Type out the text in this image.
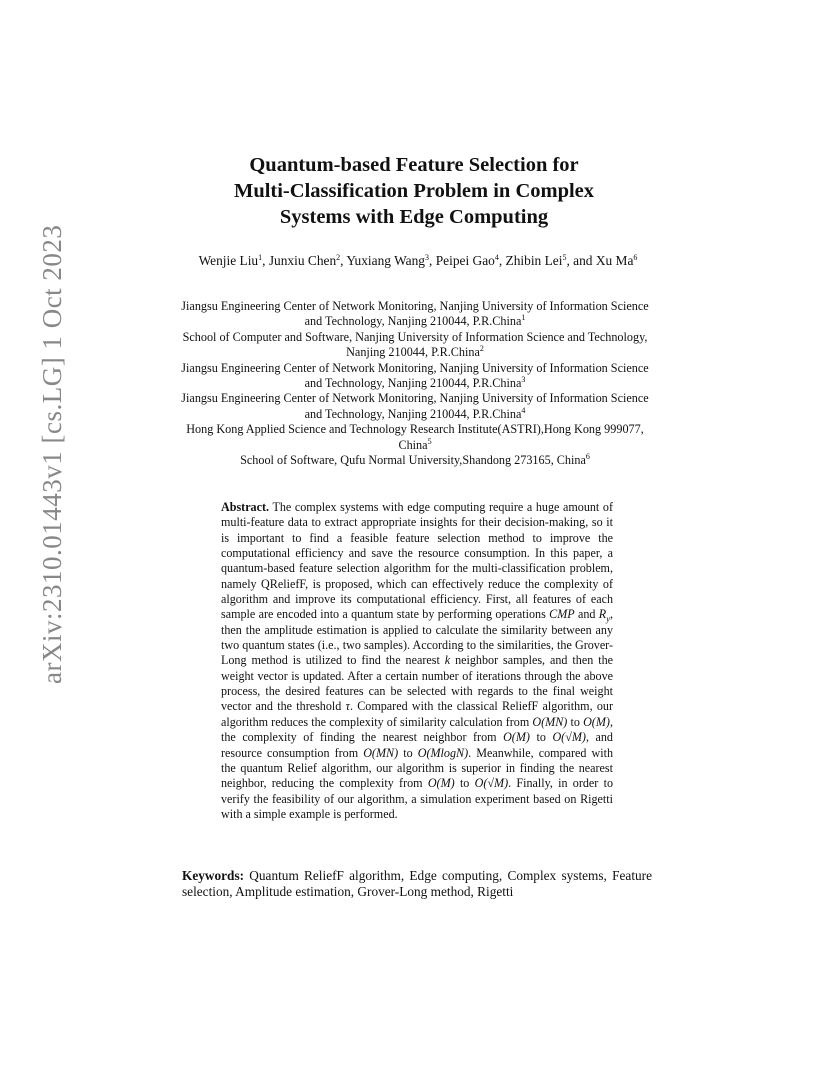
arXiv:2310.01443v1 [cs.LG] 1 Oct 2023
Quantum-based Feature Selection for
Multi-Classification Problem in Complex
Systems with Edge Computing
Wenjie Liu$^1$, Junxiu Chen$^2$, Yuxiang Wang$^3$, Peipei Gao$^4$, Zhibin Lei$^5$, and Xu Ma$^6$
Jiangsu Engineering Center of Network Monitoring, Nanjing University of Information Science and Technology, Nanjing 210044, P.R.China$^1$
School of Computer and Software, Nanjing University of Information Science and Technology, Nanjing 210044, P.R.China$^2$
Jiangsu Engineering Center of Network Monitoring, Nanjing University of Information Science and Technology, Nanjing 210044, P.R.China$^3$
Jiangsu Engineering Center of Network Monitoring, Nanjing University of Information Science and Technology, Nanjing 210044, P.R.China$^4$
Hong Kong Applied Science and Technology Research Institute(ASTRI),Hong Kong 999077, China$^5$
School of Software, Qufu Normal University,Shandong 273165, China$^6$

Abstract. The complex systems with edge computing require a huge amount of multi-feature data to extract appropriate insights for their decision-making, so it is important to find a feasible feature selection method to improve the computational efficiency and save the resource consumption. In this paper, a quantum-based feature selection algorithm for the multi-classification problem, namely QReliefF, is proposed, which can effectively reduce the complexity of algorithm and improve its computational efficiency. First, all features of each sample are encoded into a quantum state by performing operations CMP and $R_y$, then the amplitude estimation is applied to calculate the similarity between any two quantum states (i.e., two samples). According to the similarities, the Grover-Long method is utilized to find the nearest k neighbor samples, and then the weight vector is updated. After a certain number of iterations through the above process, the desired features can be selected with regards to the final weight vector and the threshold τ. Compared with the classical ReliefF algorithm, our algorithm reduces the complexity of similarity calculation from O(MN) to O(M), the complexity of finding the nearest neighbor from O(M) to O(√M), and resource consumption from O(MN) to O(MlogN). Meanwhile, compared with the quantum Relief algorithm, our algorithm is superior in finding the nearest neighbor, reducing the complexity from O(M) to O(√M). Finally, in order to verify the feasibility of our algorithm, a simulation experiment based on Rigetti with a simple example is performed.

Keywords: Quantum ReliefF algorithm, Edge computing, Complex systems, Feature selection, Amplitude estimation, Grover-Long method, Rigetti
